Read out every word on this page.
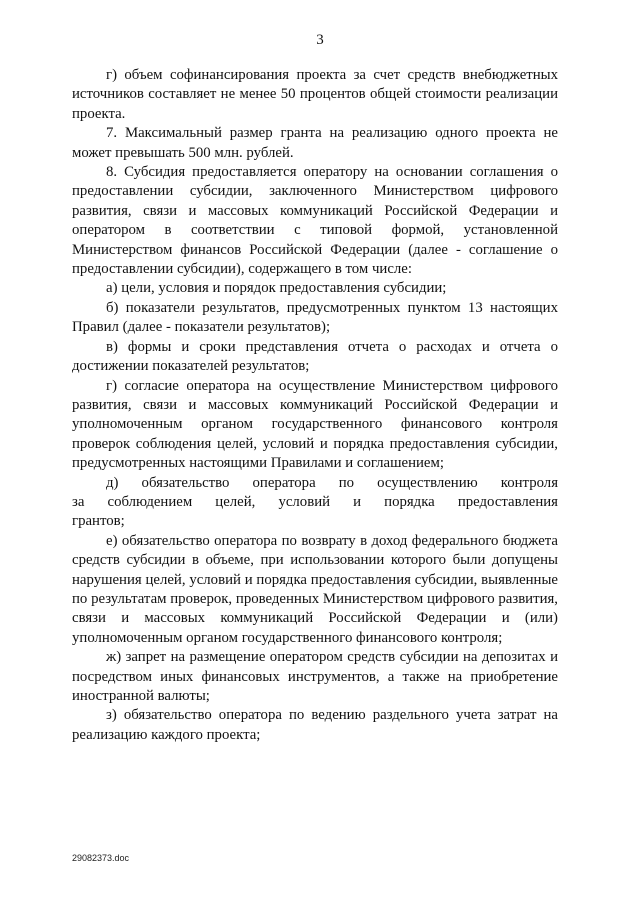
3

г) объем софинансирования проекта за счет средств внебюджетных источников составляет не менее 50 процентов общей стоимости реализации проекта.

7. Максимальный размер гранта на реализацию одного проекта не может превышать 500 млн. рублей.

8. Субсидия предоставляется оператору на основании соглашения о предоставлении субсидии, заключенного Министерством цифрового развития, связи и массовых коммуникаций Российской Федерации и оператором в соответствии с типовой формой, установленной Министерством финансов Российской Федерации (далее - соглашение о предоставлении субсидии), содержащего в том числе:

а) цели, условия и порядок предоставления субсидии;

б) показатели результатов, предусмотренных пунктом 13 настоящих Правил (далее - показатели результатов);

в) формы и сроки представления отчета о расходах и отчета о достижении показателей результатов;

г) согласие оператора на осуществление Министерством цифрового развития, связи и массовых коммуникаций Российской Федерации и уполномоченным органом государственного финансового контроля проверок соблюдения целей, условий и порядка предоставления субсидии, предусмотренных настоящими Правилами и соглашением;

д) обязательство оператора по осуществлению контроля
за соблюдением целей, условий и порядка предоставления
грантов;

е) обязательство оператора по возврату в доход федерального бюджета средств субсидии в объеме, при использовании которого были допущены нарушения целей, условий и порядка предоставления субсидии, выявленные по результатам проверок, проведенных Министерством цифрового развития, связи и массовых коммуникаций Российской Федерации и (или) уполномоченным органом государственного финансового контроля;

ж) запрет на размещение оператором средств субсидии на депозитах и посредством иных финансовых инструментов, а также на приобретение иностранной валюты;

з) обязательство оператора по ведению раздельного учета затрат на реализацию каждого проекта;

29082373.doc
